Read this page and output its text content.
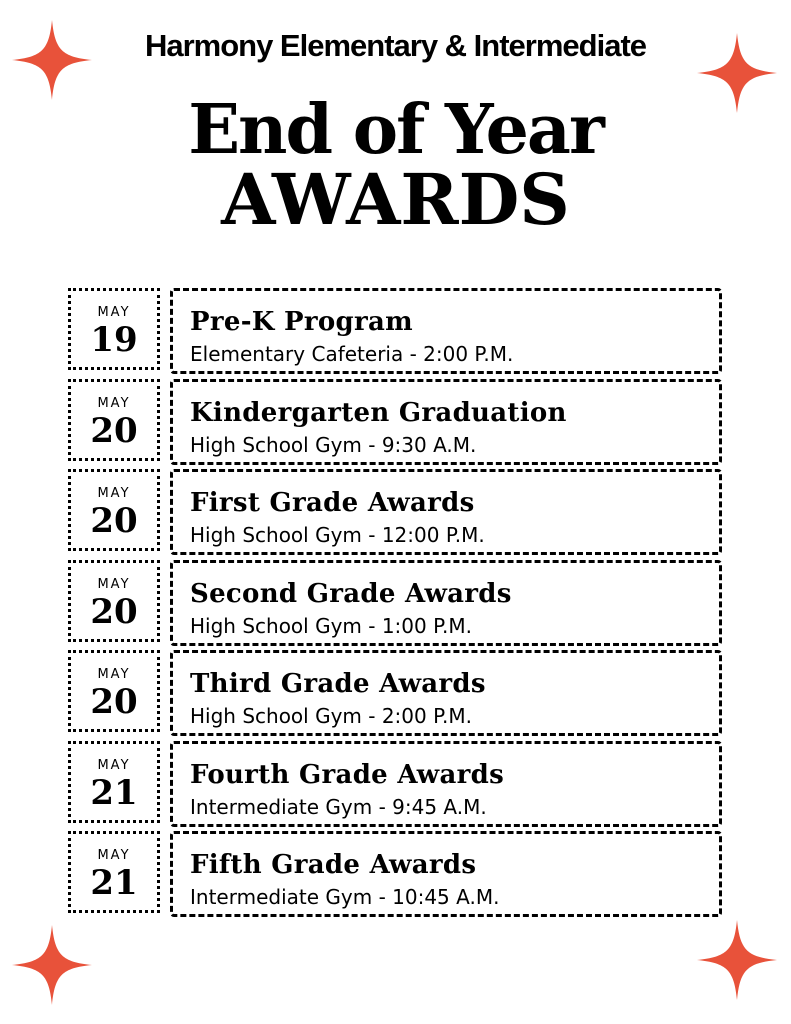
Harmony Elementary & Intermediate
End of Year
AWARDS
MAY
19	Pre-K Program
Elementary Cafeteria - 2:00 P.M.
MAY
20	Kindergarten Graduation
High School Gym - 9:30 A.M.
MAY
20	First Grade Awards
High School Gym - 12:00 P.M.
MAY
20	Second Grade Awards
High School Gym - 1:00 P.M.
MAY
20	Third Grade Awards
High School Gym - 2:00 P.M.
MAY
21	Fourth Grade Awards
Intermediate Gym - 9:45 A.M.
MAY
21	Fifth Grade Awards
Intermediate Gym - 10:45 A.M.
